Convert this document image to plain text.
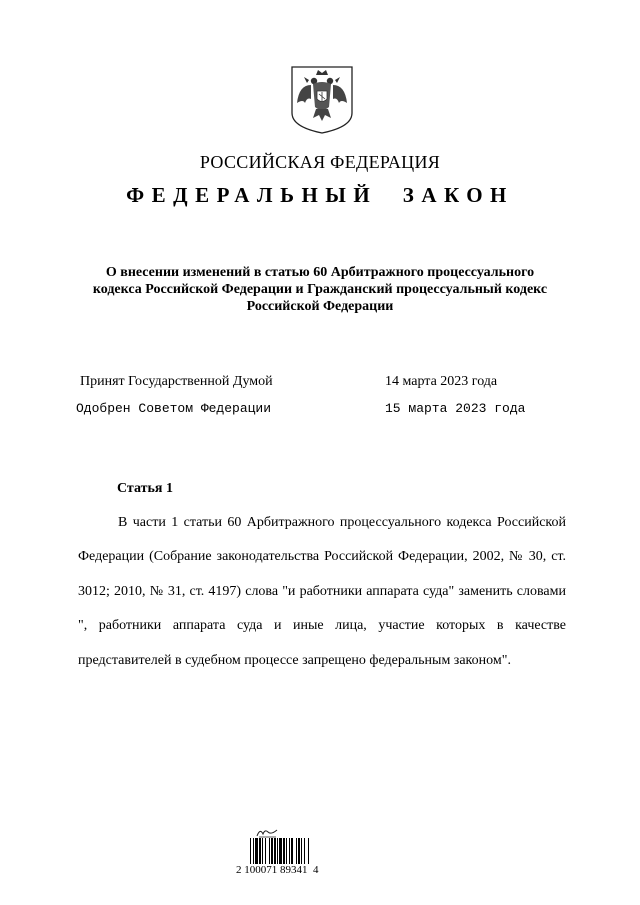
РОССИЙСКАЯ ФЕДЕРАЦИЯ
ФЕДЕРАЛЬНЫЙ  ЗАКОН
О внесении изменений в статью 60 Арбитражного процессуального кодекса Российской Федерации и Гражданский процессуальный кодекс Российской Федерации
Принят Государственной Думой	14 марта 2023 года
Одобрен Советом Федерации	15 марта 2023 года
Статья 1

В части 1 статьи 60 Арбитражного процессуального кодекса Российской Федерации (Собрание законодательства Российской Федерации, 2002, № 30, ст. 3012; 2010, № 31, ст. 4197) слова "и работники аппарата суда" заменить словами ", работники аппарата суда и иные лица, участие которых в качестве представителей в судебном процессе запрещено федеральным законом".

2 100071 89341  4
